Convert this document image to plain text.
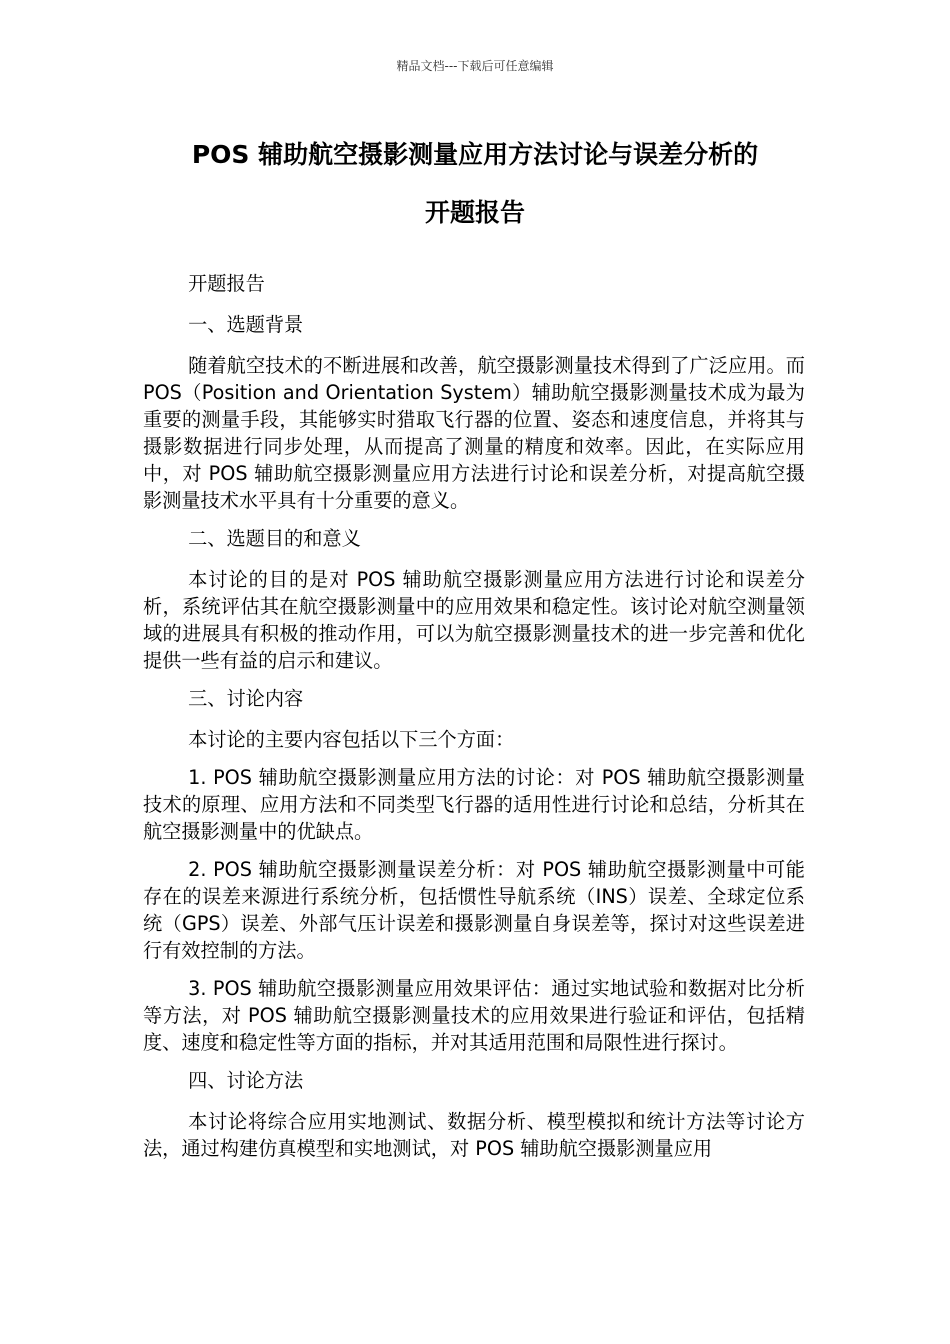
精品文档---下载后可任意编辑
POS 辅助航空摄影测量应用方法讨论与误差分析的
开题报告

开题报告

一、选题背景

随着航空技术的不断进展和改善，航空摄影测量技术得到了广泛应用。而 POS（Position and Orientation System）辅助航空摄影测量技术成为最为重要的测量手段，其能够实时猎取飞行器的位置、姿态和速度信息，并将其与摄影数据进行同步处理，从而提高了测量的精度和效率。因此，在实际应用中，对 POS 辅助航空摄影测量应用方法进行讨论和误差分析，对提高航空摄影测量技术水平具有十分重要的意义。

二、选题目的和意义

本讨论的目的是对 POS 辅助航空摄影测量应用方法进行讨论和误差分析，系统评估其在航空摄影测量中的应用效果和稳定性。该讨论对航空测量领域的进展具有积极的推动作用，可以为航空摄影测量技术的进一步完善和优化提供一些有益的启示和建议。

三、讨论内容

本讨论的主要内容包括以下三个方面：

1. POS 辅助航空摄影测量应用方法的讨论：对 POS 辅助航空摄影测量技术的原理、应用方法和不同类型飞行器的适用性进行讨论和总结，分析其在航空摄影测量中的优缺点。

2. POS 辅助航空摄影测量误差分析：对 POS 辅助航空摄影测量中可能存在的误差来源进行系统分析，包括惯性导航系统（INS）误差、全球定位系统（GPS）误差、外部气压计误差和摄影测量自身误差等，探讨对这些误差进行有效控制的方法。

3. POS 辅助航空摄影测量应用效果评估：通过实地试验和数据对比分析等方法，对 POS 辅助航空摄影测量技术的应用效果进行验证和评估，包括精度、速度和稳定性等方面的指标，并对其适用范围和局限性进行探讨。

四、讨论方法

本讨论将综合应用实地测试、数据分析、模型模拟和统计方法等讨论方法，通过构建仿真模型和实地测试，对 POS 辅助航空摄影测量应用
